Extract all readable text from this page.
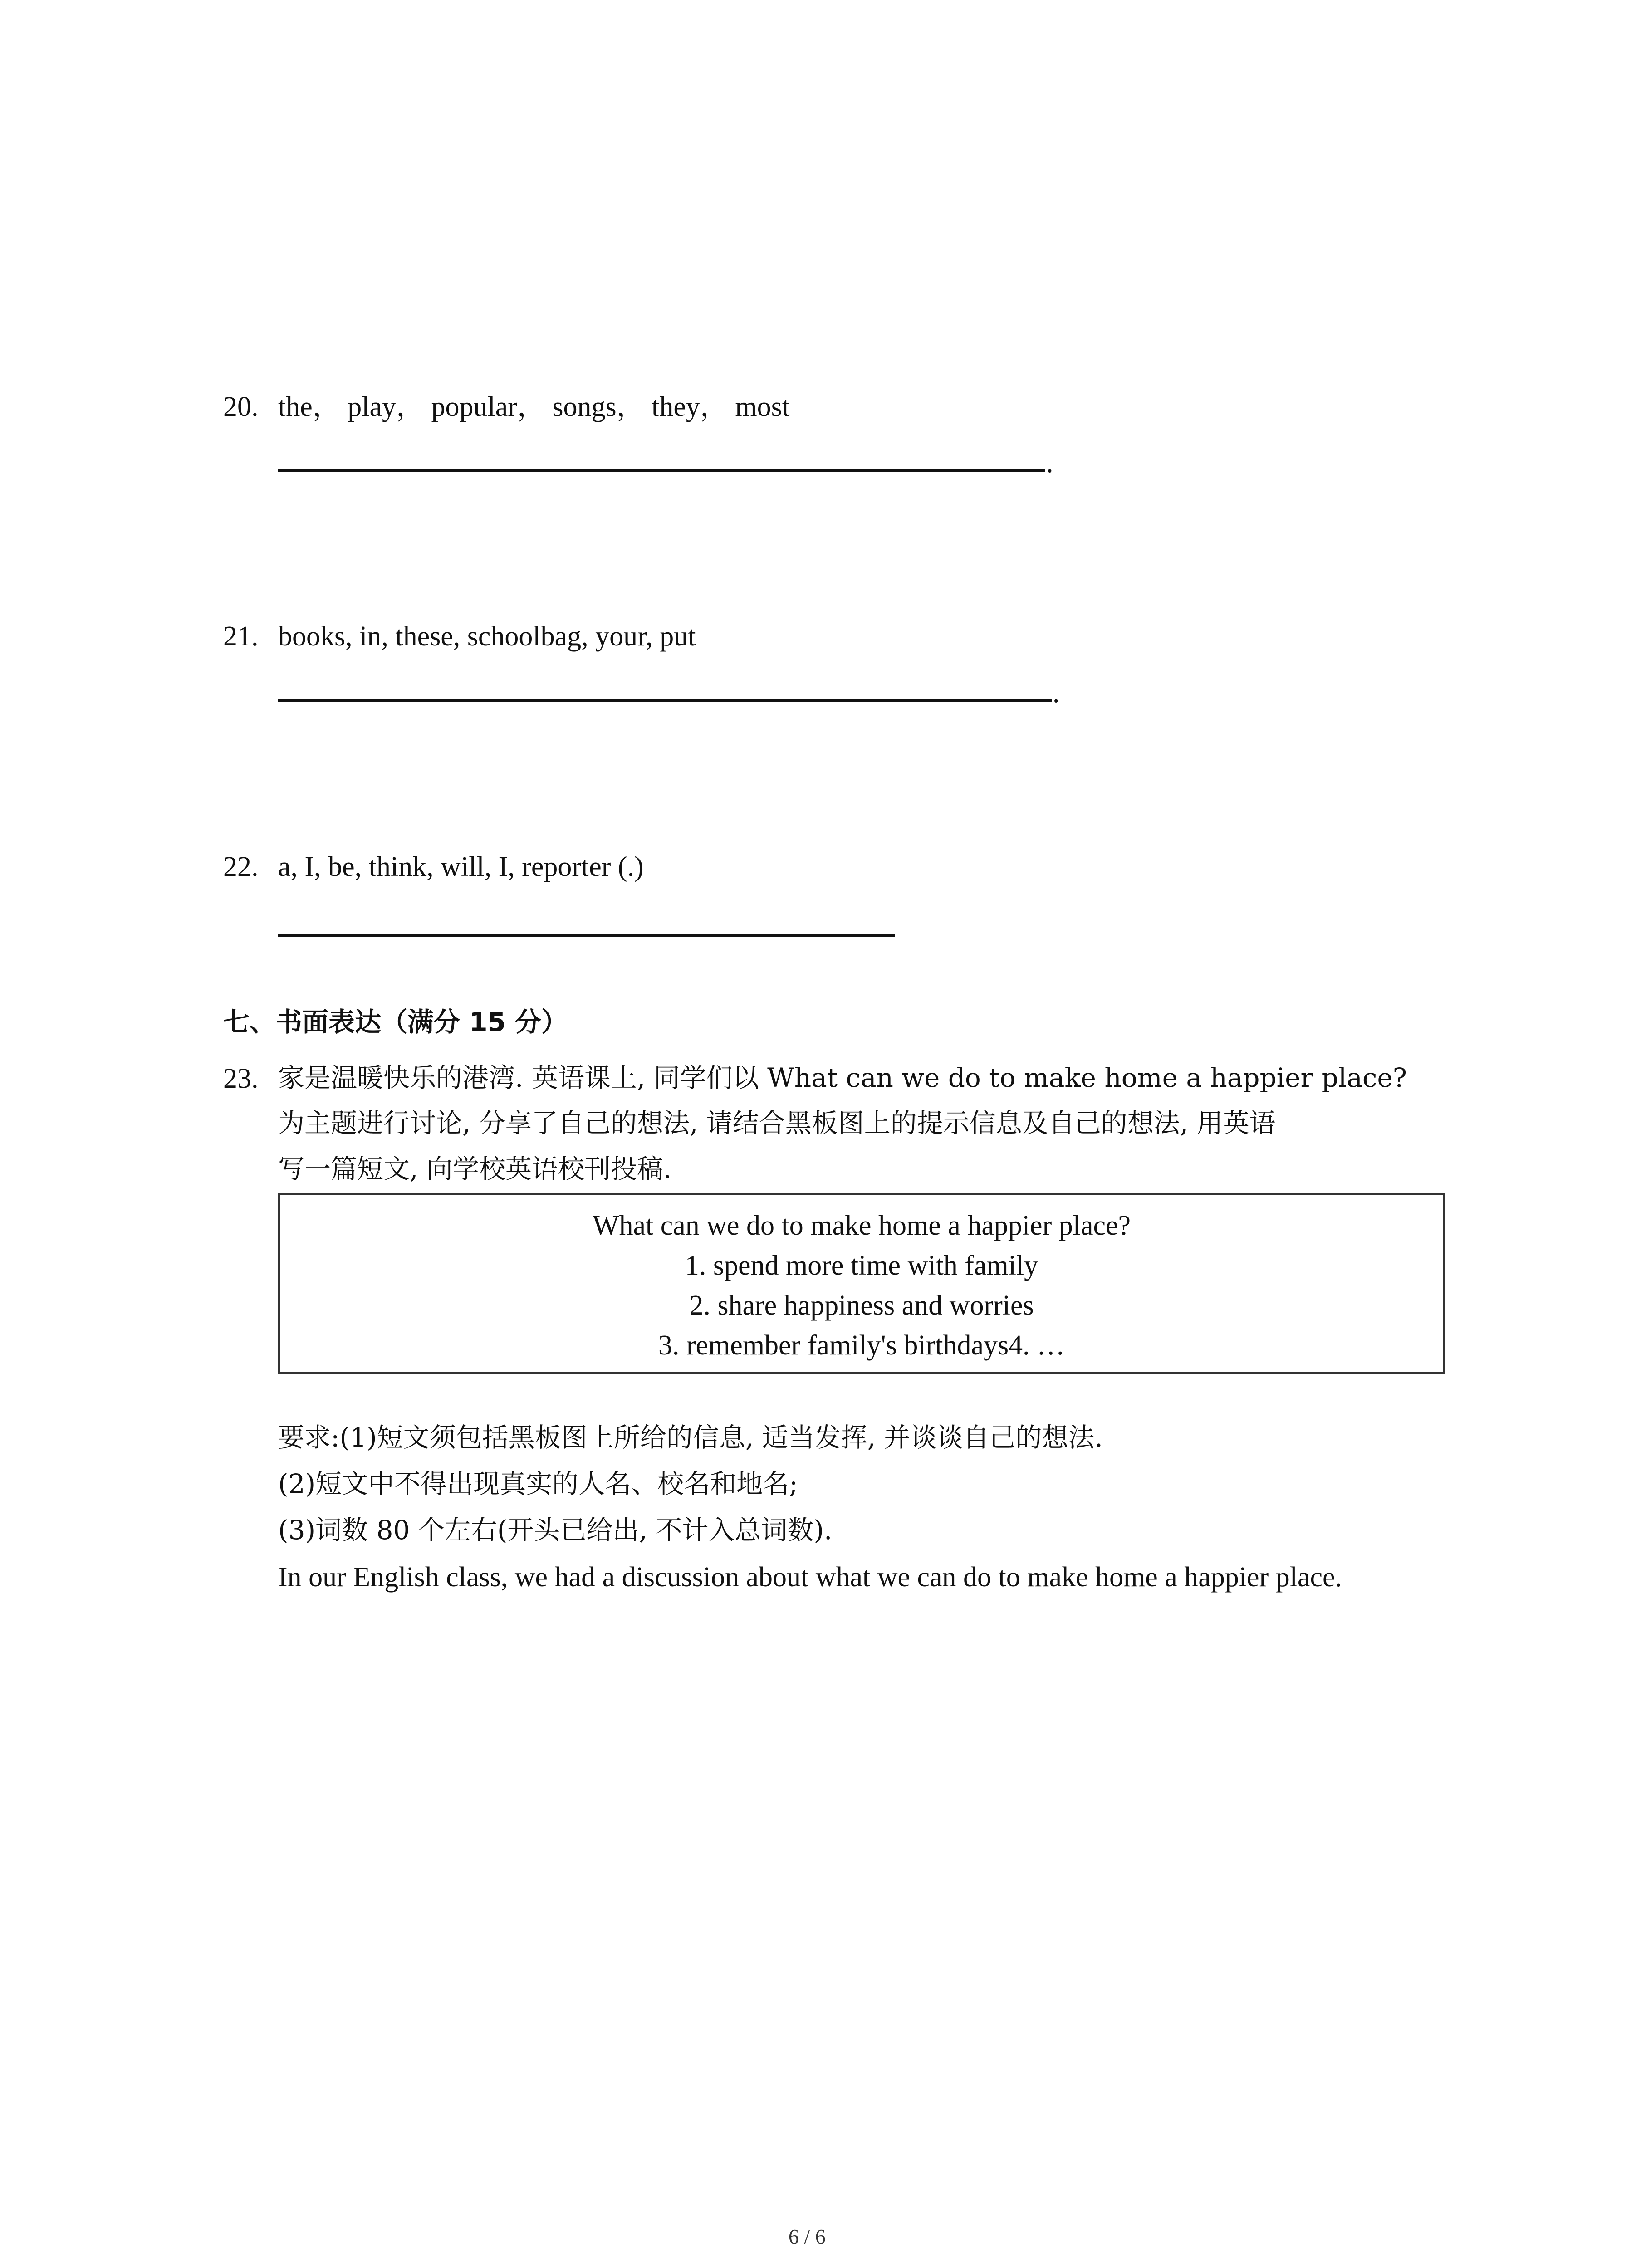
20. the， play， popular， songs， they， most
.
21. books, in, these, schoolbag, your, put
.
22. a, I, be, think, will, I, reporter (.)
七、书面表达（满分 15 分）
23. 家是温暖快乐的港湾. 英语课上, 同学们以 What can we do to make home a happier place?
为主题进行讨论, 分享了自己的想法, 请结合黑板图上的提示信息及自己的想法, 用英语
写一篇短文, 向学校英语校刊投稿.
What can we do to make home a happier place?
1. spend more time with family
2. share happiness and worries
3. remember family's birthdays4. …
要求:(1)短文须包括黑板图上所给的信息, 适当发挥, 并谈谈自己的想法.
(2)短文中不得出现真实的人名、校名和地名;
(3)词数 80 个左右(开头已给出, 不计入总词数).
In our English class, we had a discussion about what we can do to make home a happier place.
6 / 6
